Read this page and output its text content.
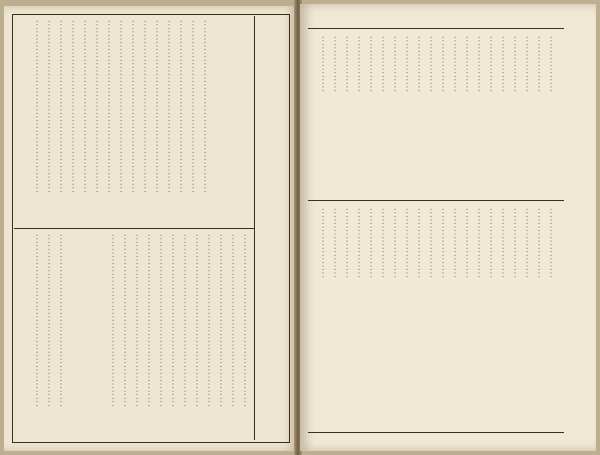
·················································
·················································
·················································
·················································
·················································
·················································
·················································
·················································
·················································
·················································
·················································
·················································
·················································
·················································
·················································
·················································
·················································
·················································
·················································
·················································
·················································
·················································
·················································
·················································
·················································
·················································
·················································
·················································
·················································
·················································
················
················
················
················
················
················
················
················
················
················
················
················
················
················
················
················
················
················
················
················
····················
····················
····················
····················
····················
····················
····················
····················
····················
····················
····················
····················
····················
····················
····················
····················
····················
····················
····················
····················
